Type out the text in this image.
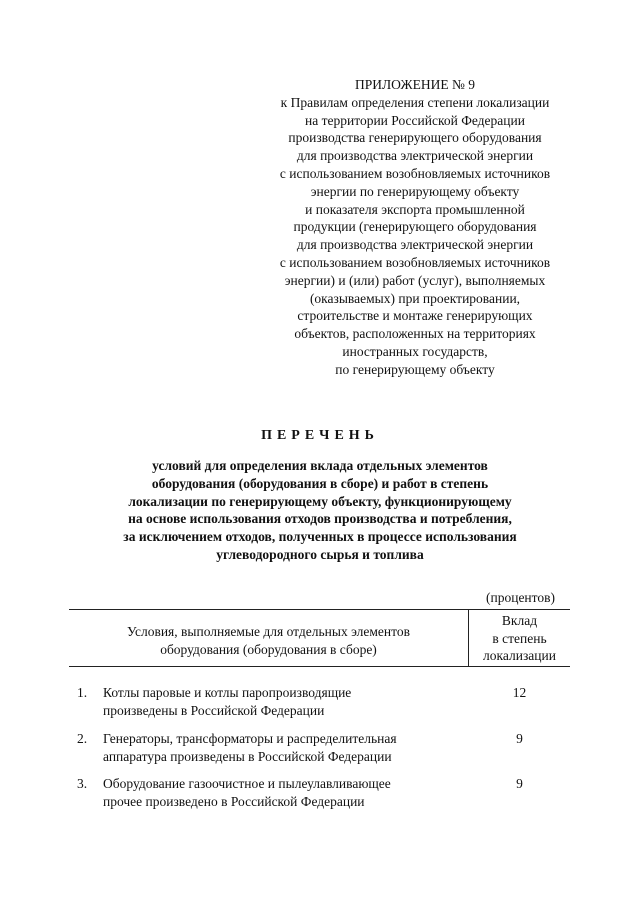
ПРИЛОЖЕНИЕ № 9
к Правилам определения степени локализации
на территории Российской Федерации
производства генерирующего оборудования
для производства электрической энергии
с использованием возобновляемых источников
энергии по генерирующему объекту
и показателя экспорта промышленной
продукции (генерирующего оборудования
для производства электрической энергии
с использованием возобновляемых источников
энергии) и (или) работ (услуг), выполняемых
(оказываемых) при проектировании,
строительстве и монтаже генерирующих
объектов, расположенных на территориях
иностранных государств,
по генерирующему объекту
ПЕРЕЧЕНЬ
условий для определения вклада отдельных элементов
оборудования (оборудования в сборе) и работ в степень
локализации по генерирующему объекту, функционирующему
на основе использования отходов производства и потребления,
за исключением отходов, полученных в процессе использования
углеводородного сырья и топлива
(процентов)
Условия, выполняемые для отдельных элементов
оборудования (оборудования в сборе)
Вклад
в степень
локализации
1. Котлы паровые и котлы паропроизводящие
произведены в Российской Федерации
12
2. Генераторы, трансформаторы и распределительная
аппаратура произведены в Российской Федерации
9
3. Оборудование газоочистное и пылеулавливающее
прочее произведено в Российской Федерации
9
